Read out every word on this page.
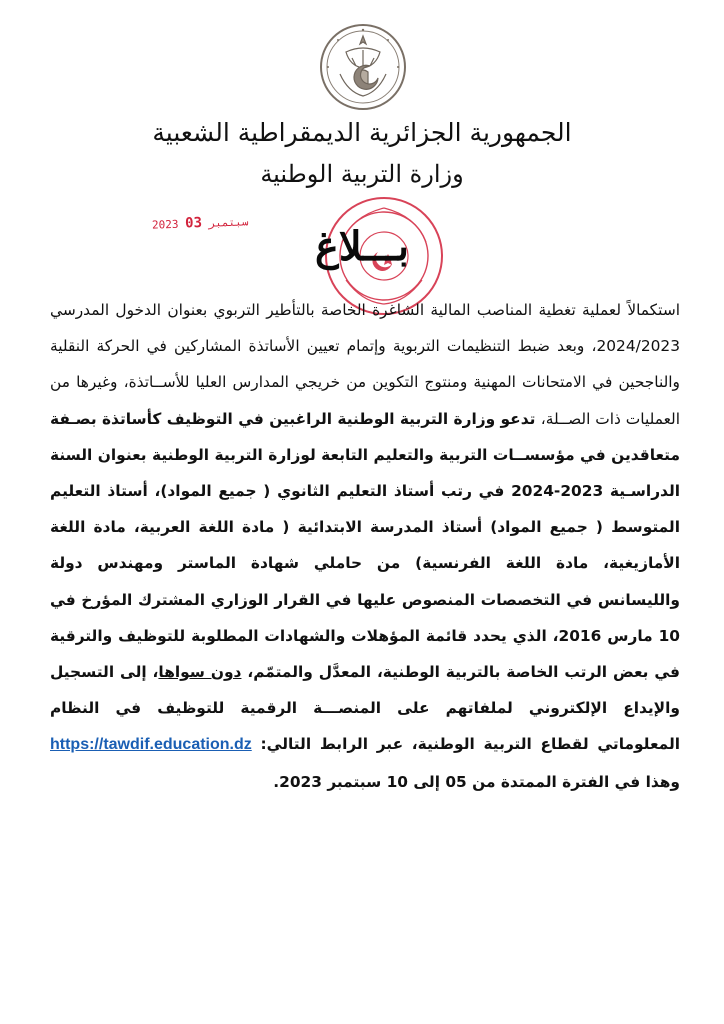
الجمهورية الجزائرية الديمقراطية الشعبية
وزارة التربية الوطنية
2023	سبتمبر 03	بـــلاغ
استكمالاً لعملية تغطية المناصب المالية الشاغرة الخاصة بالتأطير التربوي بعنوان الدخول المدرسي 2024/2023، وبعد ضبط التنظيمات التربوية وإتمام تعيين الأساتذة المشاركين في الحركة النقلية والناجحين في الامتحانات المهنية ومنتوج التكوين من خريجي المدارس العليا للأســاتذة، وغيرها من العمليات ذات الصــلة، تدعو وزارة التربية الوطنية الراغبين في التوظيف كأساتذة بصـفة متعاقدين في مؤسســات التربية والتعليم التابعة لوزارة التربية الوطنية بعنوان السنة الدراسـية 2023-2024 في رتب أستاذ التعليم الثانوي ( جميع المواد)، أستاذ التعليم المتوسط ( جميع المواد) أستاذ المدرسة الابتدائية ( مادة اللغة العربية، مادة اللغة الأمازيغية، مادة اللغة الفرنسية) من حاملي شهادة الماستر ومهندس دولة والليسانس في التخصصات المنصوص عليها في القرار الوزاري المشترك المؤرخ في 10 مارس 2016، الذي يحدد قائمة المؤهلات والشهادات المطلوبة للتوظيف والترقية في بعض الرتب الخاصة بالتربية الوطنية، المعدَّل والمتمّم، دون سواها، إلى التسجيل والإيداع الإلكتروني لملفاتهم على المنصـــة الرقمية للتوظيف في النظام المعلوماتي لقطاع التربية الوطنية، عبر الرابط التالي: https://tawdif.education.dz وهذا في الفترة الممتدة من 05 إلى 10 سبتمبر 2023.
